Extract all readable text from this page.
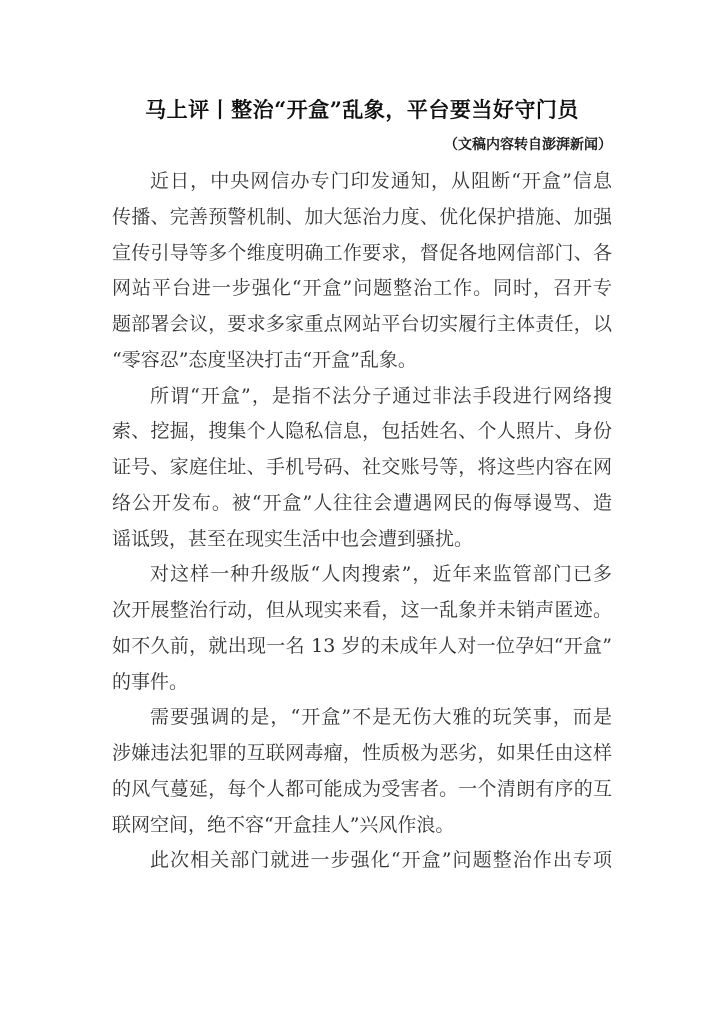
马上评丨整治“开盒”乱象，平台要当好守门员
（文稿内容转自澎湃新闻）
近日，中央网信办专门印发通知，从阻断“开盒”信息
传播、完善预警机制、加大惩治力度、优化保护措施、加强
宣传引导等多个维度明确工作要求，督促各地网信部门、各
网站平台进一步强化“开盒”问题整治工作。同时，召开专
题部署会议，要求多家重点网站平台切实履行主体责任，以
“零容忍”态度坚决打击“开盒”乱象。
所谓“开盒”，是指不法分子通过非法手段进行网络搜
索、挖掘，搜集个人隐私信息，包括姓名、个人照片、身份
证号、家庭住址、手机号码、社交账号等，将这些内容在网
络公开发布。被“开盒”人往往会遭遇网民的侮辱谩骂、造
谣诋毁，甚至在现实生活中也会遭到骚扰。
对这样一种升级版“人肉搜索”，近年来监管部门已多
次开展整治行动，但从现实来看，这一乱象并未销声匿迹。
如不久前，就出现一名 13 岁的未成年人对一位孕妇“开盒”
的事件。
需要强调的是，“开盒”不是无伤大雅的玩笑事，而是
涉嫌违法犯罪的互联网毒瘤，性质极为恶劣，如果任由这样
的风气蔓延，每个人都可能成为受害者。一个清朗有序的互
联网空间，绝不容“开盒挂人”兴风作浪。
此次相关部门就进一步强化“开盒”问题整治作出专项
